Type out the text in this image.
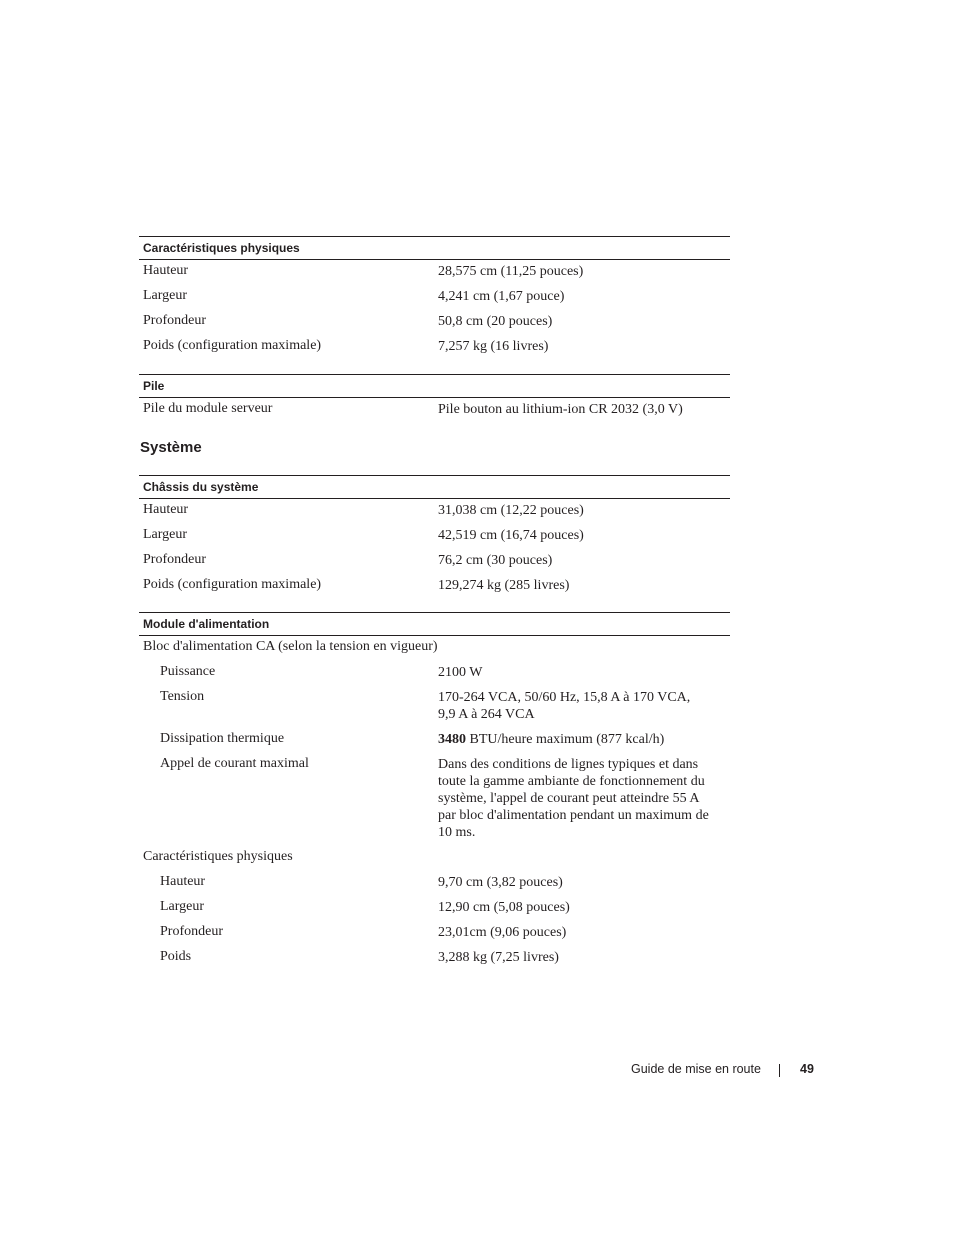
Caractéristiques physiques
Hauteur	28,575 cm (11,25 pouces)
Largeur	4,241 cm (1,67 pouce)
Profondeur	50,8 cm (20 pouces)
Poids (configuration maximale)	7,257 kg (16 livres)
Pile
Pile du module serveur	Pile bouton au lithium-ion CR 2032 (3,0 V)
Système
Châssis du système
Hauteur	31,038 cm (12,22 pouces)
Largeur	42,519 cm (16,74 pouces)
Profondeur	76,2 cm (30 pouces)
Poids (configuration maximale)	129,274 kg (285 livres)
Module d'alimentation
Bloc d'alimentation CA (selon la tension en vigueur)
Puissance	2100 W
Tension	170-264 VCA, 50/60 Hz, 15,8 A à 170 VCA, 9,9 A à 264 VCA
Dissipation thermique	3480 BTU/heure maximum (877 kcal/h)
Appel de courant maximal	Dans des conditions de lignes typiques et dans toute la gamme ambiante de fonctionnement du système, l'appel de courant peut atteindre 55 A par bloc d'alimentation pendant un maximum de 10 ms.
Caractéristiques physiques
Hauteur	9,70 cm (3,82 pouces)
Largeur	12,90 cm (5,08 pouces)
Profondeur	23,01cm (9,06 pouces)
Poids	3,288 kg (7,25 livres)
Guide de mise en route	49
